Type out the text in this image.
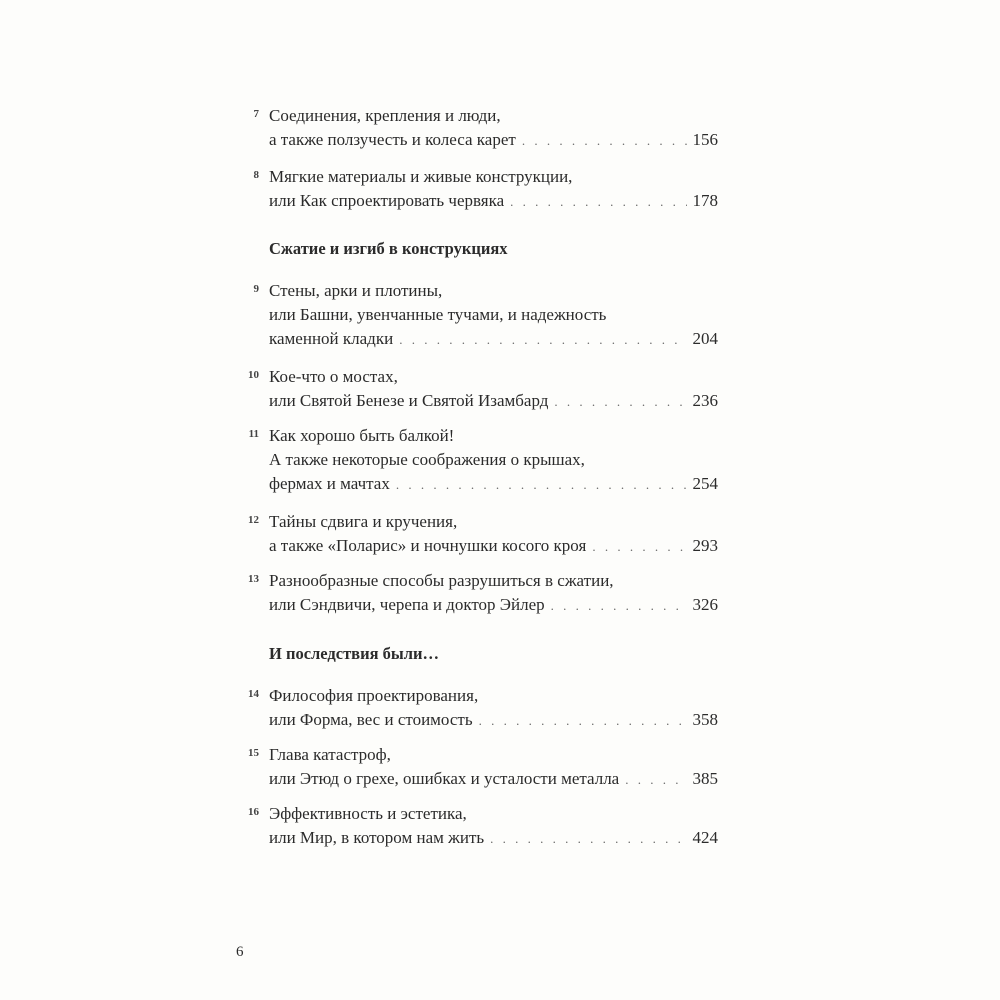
7 Соединения, крепления и люди,
а также ползучесть и колеса карет . . .	156
8 Мягкие материалы и живые конструкции,
или Как спроектировать червяка . . .	178
Сжатие и изгиб в конструкциях
9 Стены, арки и плотины,
или Башни, увенчанные тучами, и надежность
каменной кладки . . .	204
10 Кое-что о мостах,
или Святой Бенезе и Святой Изамбард . . .	236
11 Как хорошо быть балкой!
А также некоторые соображения о крышах,
фермах и мачтах . . .	254
12 Тайны сдвига и кручения,
а также «Поларис» и ночнушки косого кроя . . .	293
13 Разнообразные способы разрушиться в сжатии,
или Сэндвичи, черепа и доктор Эйлер . . .	326
И последствия были…
14 Философия проектирования,
или Форма, вес и стоимость . . .	358
15 Глава катастроф,
или Этюд о грехе, ошибках и усталости металла . . .	385
16 Эффективность и эстетика,
или Мир, в котором нам жить . . .	424
6
